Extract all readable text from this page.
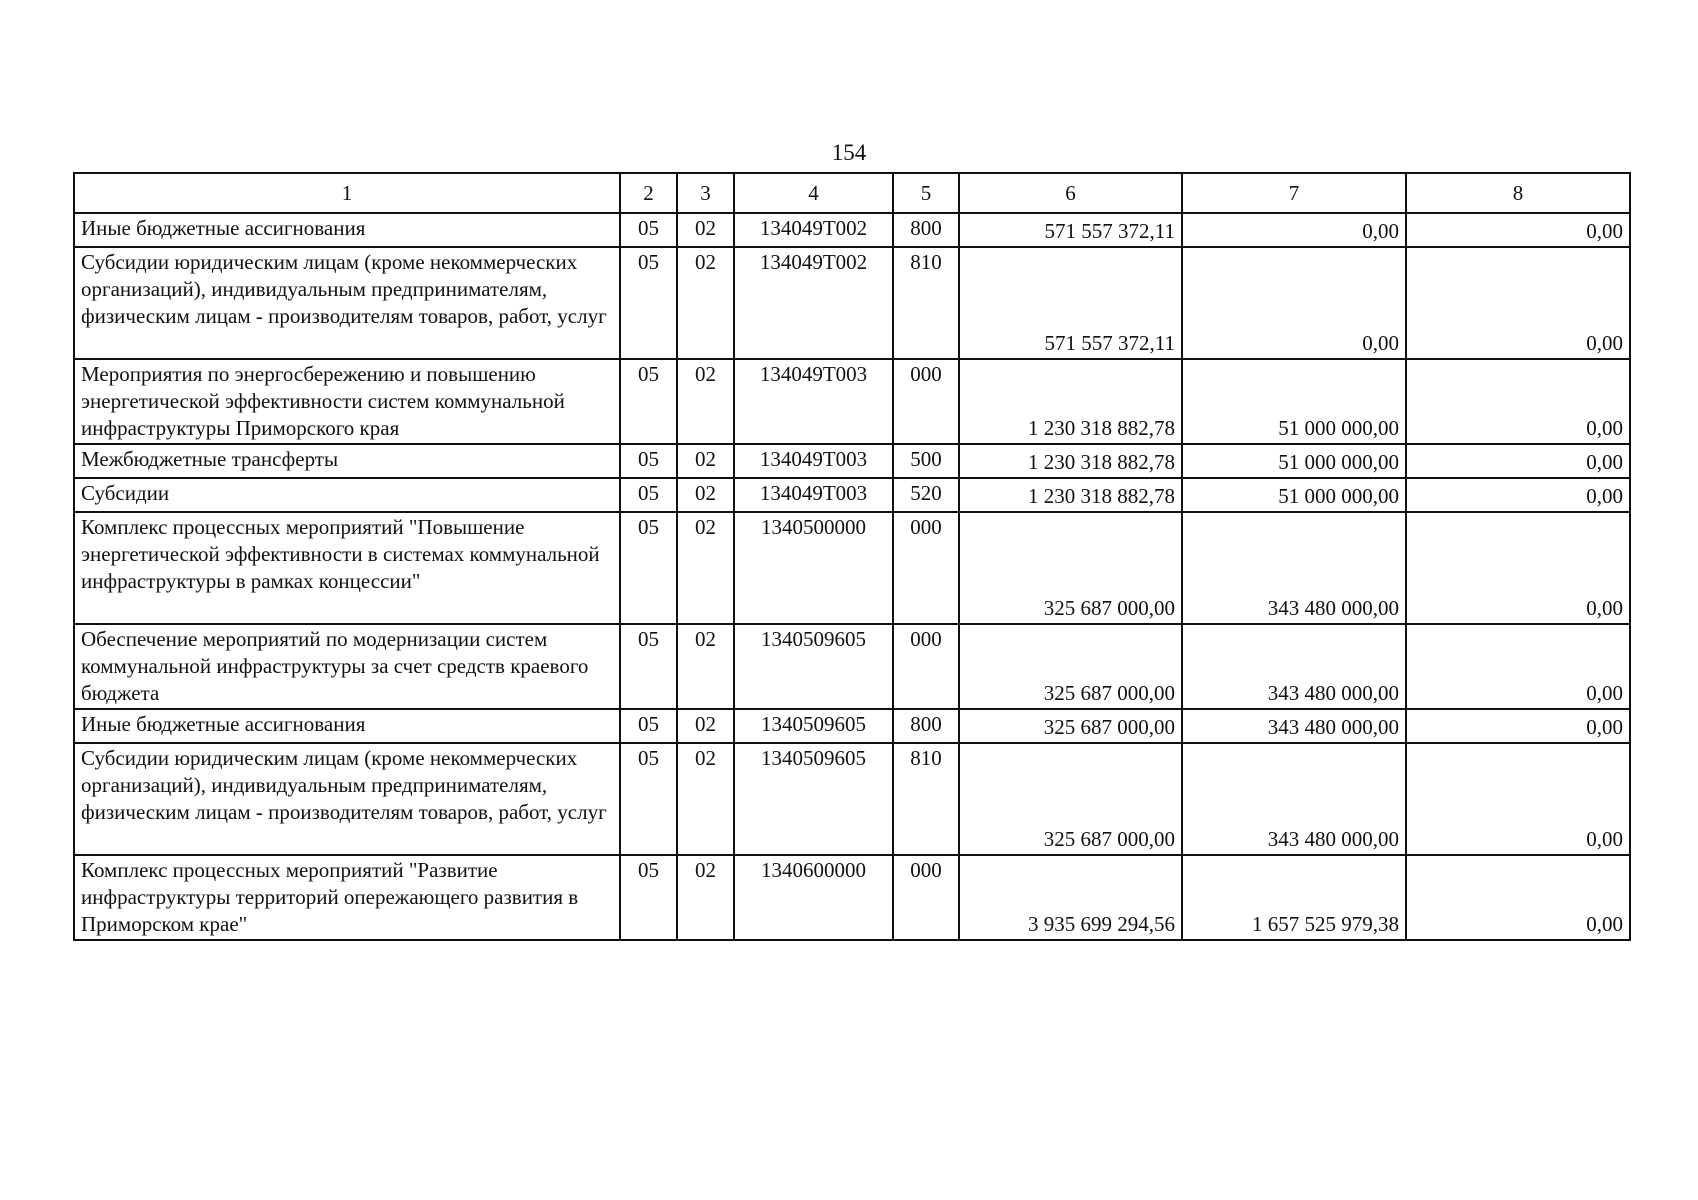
154
1	2	3	4	5	6	7	8
Иные бюджетные ассигнования	05	02	134049Т002	800	571 557 372,11	0,00	0,00
Субсидии юридическим лицам (кроме некоммерческих организаций), индивидуальным предпринимателям, физическим лицам - производителям товаров, работ, услуг	05	02	134049Т002	810	571 557 372,11	0,00	0,00
Мероприятия по энергосбережению и повышению энергетической эффективности систем коммунальной инфраструктуры Приморского края	05	02	134049Т003	000	1 230 318 882,78	51 000 000,00	0,00
Межбюджетные трансферты	05	02	134049Т003	500	1 230 318 882,78	51 000 000,00	0,00
Субсидии	05	02	134049Т003	520	1 230 318 882,78	51 000 000,00	0,00
Комплекс процессных мероприятий "Повышение энергетической эффективности в системах коммунальной инфраструктуры в рамках концессии"	05	02	1340500000	000	325 687 000,00	343 480 000,00	0,00
Обеспечение мероприятий по модернизации систем коммунальной инфраструктуры за счет средств краевого бюджета	05	02	1340509605	000	325 687 000,00	343 480 000,00	0,00
Иные бюджетные ассигнования	05	02	1340509605	800	325 687 000,00	343 480 000,00	0,00
Субсидии юридическим лицам (кроме некоммерческих организаций), индивидуальным предпринимателям, физическим лицам - производителям товаров, работ, услуг	05	02	1340509605	810	325 687 000,00	343 480 000,00	0,00
Комплекс процессных мероприятий "Развитие инфраструктуры территорий опережающего развития в Приморском крае"	05	02	1340600000	000	3 935 699 294,56	1 657 525 979,38	0,00
